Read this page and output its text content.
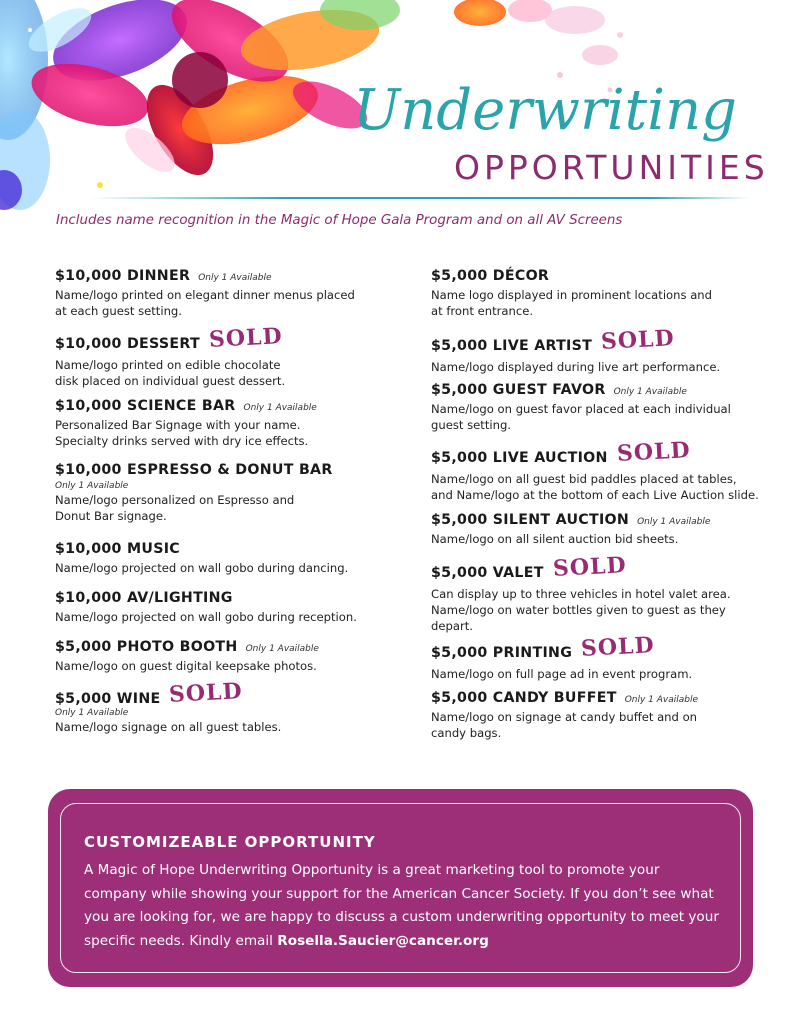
Underwriting
OPPORTUNITIES
Includes name recognition in the Magic of Hope Gala Program and on all AV Screens
$10,000 DINNER Only 1 Available
Name/logo printed on elegant dinner menus placed
at each guest setting.
$10,000 DESSERT SOLD
Name/logo printed on edible chocolate
disk placed on individual guest dessert.
$10,000 SCIENCE BAR Only 1 Available
Personalized Bar Signage with your name.
Specialty drinks served with dry ice effects.
$10,000 ESPRESSO & DONUT BAR
Only 1 Available
Name/logo personalized on Espresso and
Donut Bar signage.
$10,000 MUSIC
Name/logo projected on wall gobo during dancing.
$10,000 AV/LIGHTING
Name/logo projected on wall gobo during reception.
$5,000 PHOTO BOOTH Only 1 Available
Name/logo on guest digital keepsake photos.
$5,000 WINE SOLD
Only 1 Available
Name/logo signage on all guest tables.
$5,000 DÉCOR
Name logo displayed in prominent locations and
at front entrance.
$5,000 LIVE ARTIST SOLD
Name/logo displayed during live art performance.
$5,000 GUEST FAVOR Only 1 Available
Name/logo on guest favor placed at each individual
guest setting.
$5,000 LIVE AUCTION SOLD
Name/logo on all guest bid paddles placed at tables,
and Name/logo at the bottom of each Live Auction slide.
$5,000 SILENT AUCTION Only 1 Available
Name/logo on all silent auction bid sheets.
$5,000 VALET SOLD
Can display up to three vehicles in hotel valet area.
Name/logo on water bottles given to guest as they
depart.
$5,000 PRINTING SOLD
Name/logo on full page ad in event program.
$5,000 CANDY BUFFET Only 1 Available
Name/logo on signage at candy buffet and on
candy bags.
CUSTOMIZEABLE OPPORTUNITY
A Magic of Hope Underwriting Opportunity is a great marketing tool to promote your company while showing your support for the American Cancer Society. If you don’t see what you are looking for, we are happy to discuss a custom underwriting opportunity to meet your specific needs. Kindly email Rosella.Saucier@cancer.org
